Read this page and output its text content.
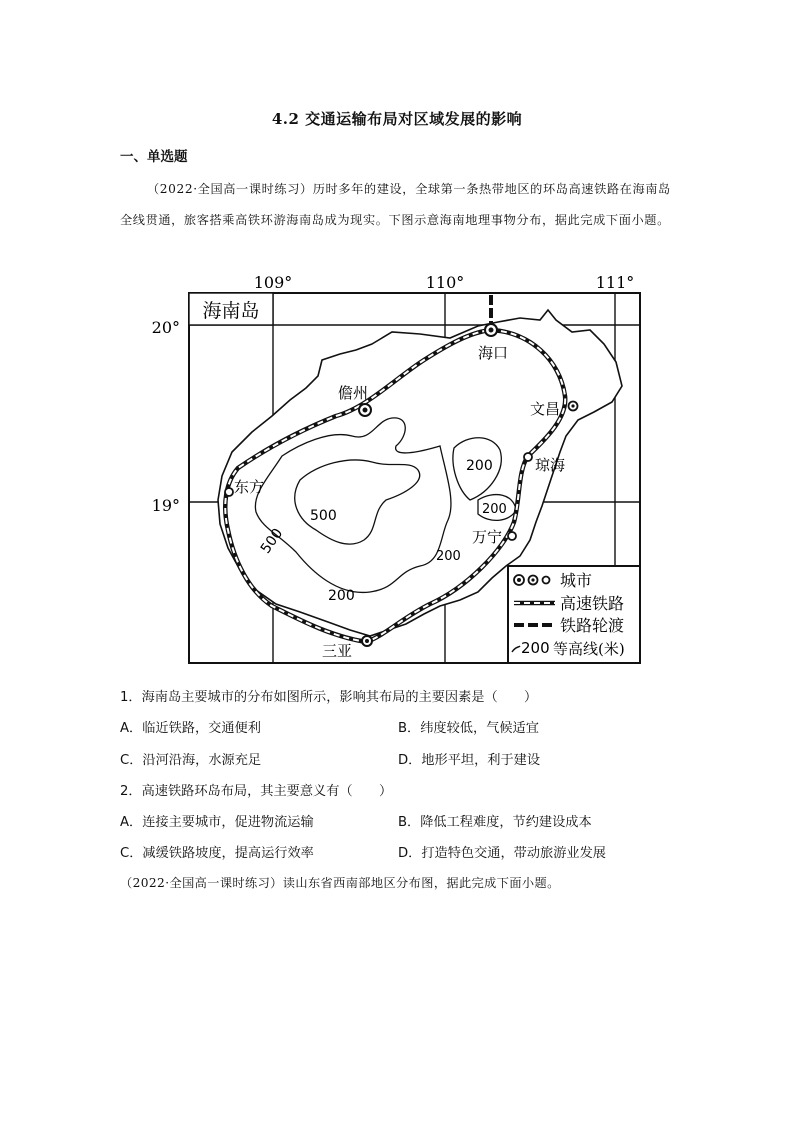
4.2 交通运输布局对区域发展的影响
一、单选题
（2022·全国高一课时练习）历时多年的建设，全球第一条热带地区的环岛高速铁路在海南岛全线贯通，旅客搭乘高铁环游海南岛成为现实。下图示意海南地理事物分布，据此完成下面小题。
109°	110°	111°
20°
19°
海南岛
海口
儋州
文昌
琼海
东方
万宁
三亚
500
500
200
200
200
200
城市
高速铁路
铁路轮渡
200 等高线(米)
1．海南岛主要城市的分布如图所示，影响其布局的主要因素是（　　）
A．临近铁路，交通便利	B．纬度较低，气候适宜
C．沿河沿海，水源充足	D．地形平坦，利于建设
2．高速铁路环岛布局，其主要意义有（　　）
A．连接主要城市，促进物流运输	B．降低工程难度，节约建设成本
C．减缓铁路坡度，提高运行效率	D．打造特色交通，带动旅游业发展
（2022·全国高一课时练习）读山东省西南部地区分布图，据此完成下面小题。
